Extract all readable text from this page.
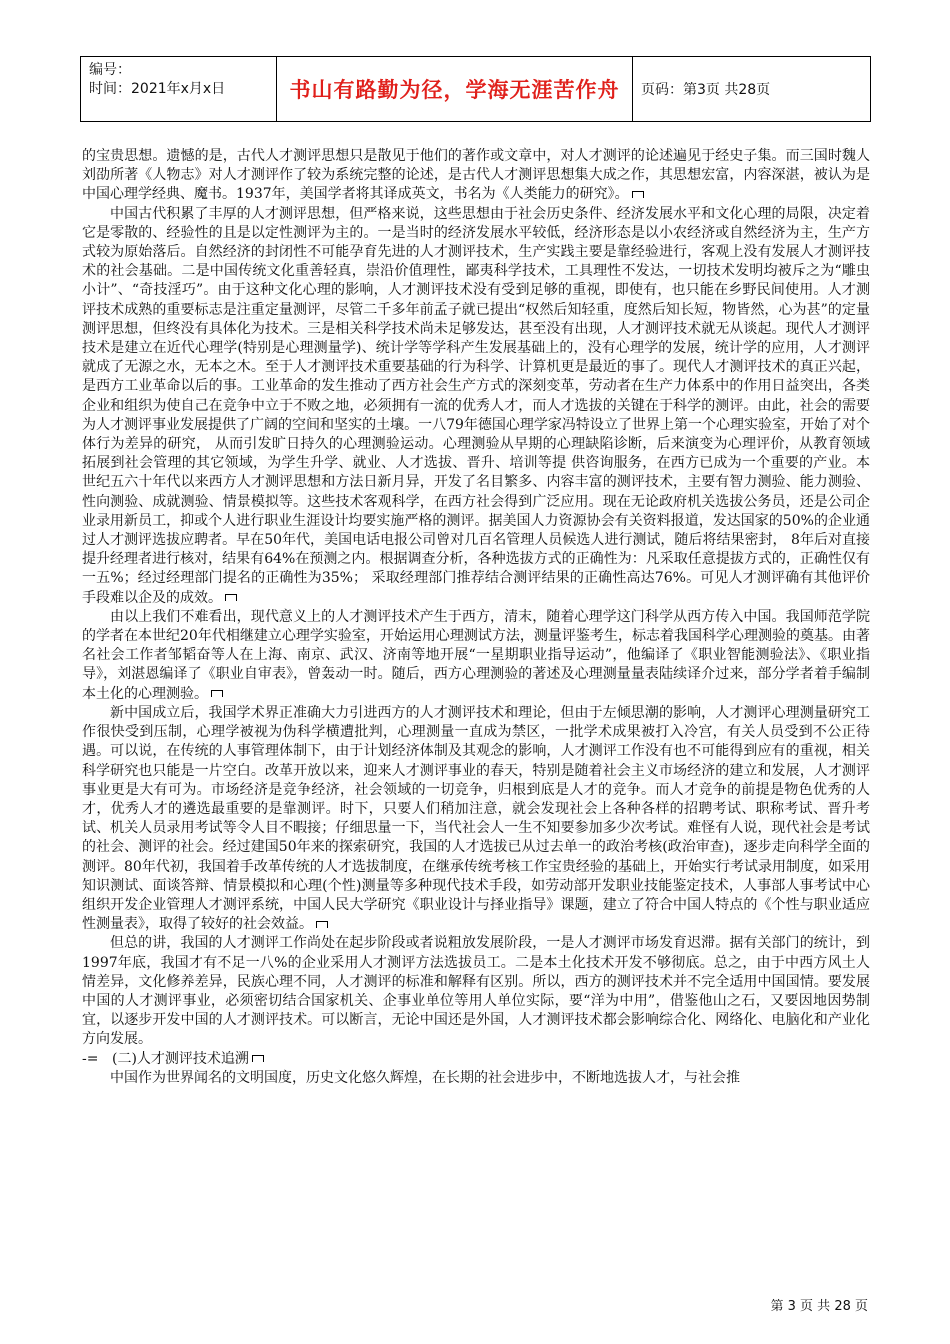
编号：
时间：2021年x月x日	书山有路勤为径，学海无涯苦作舟	页码：第3页 共28页

的宝贵思想。遗憾的是，古代人才测评思想只是散见于他们的著作或文章中，对人才测评的论述遍见于经史子集。而三国时魏人刘劭所著《人物志》对人才测评作了较为系统完整的论述，是古代人才测评思想集大成之作，其思想宏富，内容深湛，被认为是中国心理学经典、魔书。1937年，美国学者将其译成英文，书名为《人类能力的研究》。

中国古代积累了丰厚的人才测评思想，但严格来说，这些思想由于社会历史条件、经济发展水平和文化心理的局限，决定着它是零散的、经验性的且是以定性测评为主的。一是当时的经济发展水平较低，经济形态是以小农经济或自然经济为主，生产方式较为原始落后。自然经济的封闭性不可能孕育先进的人才测评技术，生产实践主要是靠经验进行，客观上没有发展人才测评技术的社会基础。二是中国传统文化重善轻真，崇沿价值理性，鄙夷科学技术，工具理性不发达，一切技术发明均被斥之为“雕虫小计”、“奇技淫巧”。由于这种文化心理的影响，人才测评技术没有受到足够的重视，即使有，也只能在乡野民间使用。人才测评技术成熟的重要标志是注重定量测评，尽管二千多年前孟子就已提出“权然后知轻重，度然后知长短，物皆然，心为甚”的定量测评思想，但终没有具体化为技术。三是相关科学技术尚未足够发达，甚至没有出现，人才测评技术就无从谈起。现代人才测评技术是建立在近代心理学(特别是心理测量学)、统计学等学科产生发展基础上的，没有心理学的发展，统计学的应用，人才测评就成了无源之水，无本之木。至于人才测评技术重要基础的行为科学、计算机更是最近的事了。现代人才测评技术的真正兴起，是西方工业革命以后的事。工业革命的发生推动了西方社会生产方式的深刻变革，劳动者在生产力体系中的作用日益突出，各类企业和组织为使自己在竞争中立于不败之地，必须拥有一流的优秀人才，而人才选拔的关键在于科学的测评。由此，社会的需要为人才测评事业发展提供了广阔的空间和坚实的土壤。一八79年德国心理学家冯特设立了世界上第一个心理实验室，开始了对个体行为差异的研究， 从而引发旷日持久的心理测验运动。心理测验从早期的心理缺陷诊断，后来演变为心理评价，从教育领域拓展到社会管理的其它领域，为学生升学、就业、人才选拔、晋升、培训等提 供咨询服务，在西方已成为一个重要的产业。本世纪五六十年代以来西方人才测评思想和方法日新月异，开发了名目繁多、内容丰富的测评技术，主要有智力测验、能力测验、性向测验、成就测验、情景模拟等。这些技术客观科学，在西方社会得到广泛应用。现在无论政府机关选拔公务员，还是公司企业录用新员工，抑或个人进行职业生涯设计均要实施严格的测评。据美国人力资源协会有关资料报道，发达国家的50%的企业通过人才测评选拔应聘者。早在50年代，美国电话电报公司曾对几百名管理人员候选人进行测试，随后将结果密封， 8年后对直接提升经理者进行核对，结果有64%在预测之内。根据调查分析，各种选拔方式的正确性为：凡采取任意提拔方式的，正确性仅有一五%；经过经理部门提名的正确性为35%； 采取经理部门推荐结合测评结果的正确性高达76%。可见人才测评确有其他评价手段难以企及的成效。

由以上我们不难看出，现代意义上的人才测评技术产生于西方，清末，随着心理学这门科学从西方传入中国。我国师范学院的学者在本世纪20年代相继建立心理学实验室，开始运用心理测试方法，测量评鉴考生，标志着我国科学心理测验的奠基。由著名社会工作者邹韬奋等人在上海、南京、武汉、济南等地开展“一星期职业指导运动”，他编译了《职业智能测验法》、《职业指导》，刘湛恩编译了《职业自审表》，曾轰动一时。随后，西方心理测验的著述及心理测量量表陆续译介过来，部分学者着手编制本土化的心理测验。

新中国成立后，我国学术界正准确大力引进西方的人才测评技术和理论，但由于左倾思潮的影响，人才测评心理测量研究工作很快受到压制，心理学被视为伪科学横遭批判，心理测量一直成为禁区，一批学术成果被打入冷宫，有关人员受到不公正待遇。可以说，在传统的人事管理体制下，由于计划经济体制及其观念的影响，人才测评工作没有也不可能得到应有的重视，相关科学研究也只能是一片空白。改革开放以来，迎来人才测评事业的春天，特别是随着社会主义市场经济的建立和发展，人才测评事业更是大有可为。市场经济是竞争经济，社会领域的一切竞争，归根到底是人才的竞争。而人才竞争的前提是物色优秀的人才，优秀人才的遴选最重要的是靠测评。时下，只要人们稍加注意，就会发现社会上各种各样的招聘考试、职称考试、晋升考试、机关人员录用考试等令人目不暇接；仔细思量一下，当代社会人一生不知要参加多少次考试。难怪有人说，现代社会是考试的社会、测评的社会。经过建国50年来的探索研究，我国的人才选拔已从过去单一的政治考核(政治审查)，逐步走向科学全面的测评。80年代初，我国着手改革传统的人才选拔制度，在继承传统考核工作宝贵经验的基础上，开始实行考试录用制度，如采用知识测试、面谈答辩、情景模拟和心理(个性)测量等多种现代技术手段，如劳动部开发职业技能鉴定技术，人事部人事考试中心组织开发企业管理人才测评系统，中国人民大学研究《职业设计与择业指导》课题，建立了符合中国人特点的《个性与职业适应性测量表》，取得了较好的社会效益。

但总的讲，我国的人才测评工作尚处在起步阶段或者说粗放发展阶段，一是人才测评市场发育迟滞。据有关部门的统计，到1997年底，我国才有不足一八%的企业采用人才测评方法选拔员工。二是本土化技术开发不够彻底。总之，由于中西方风土人情差异，文化修养差异，民族心理不同，人才测评的标准和解释有区别。所以，西方的测评技术并不完全适用中国国情。要发展中国的人才测评事业，必须密切结合国家机关、企事业单位等用人单位实际，要“洋为中用”，借鉴他山之石，又要因地因势制宜，以逐步开发中国的人才测评技术。可以断言，无论中国还是外国，人才测评技术都会影响综合化、网络化、电脑化和产业化方向发展。

-= (二)人才测评技术追溯

中国作为世界闻名的文明国度，历史文化悠久辉煌，在长期的社会进步中，不断地选拔人才，与社会推

第 3 页 共 28 页
